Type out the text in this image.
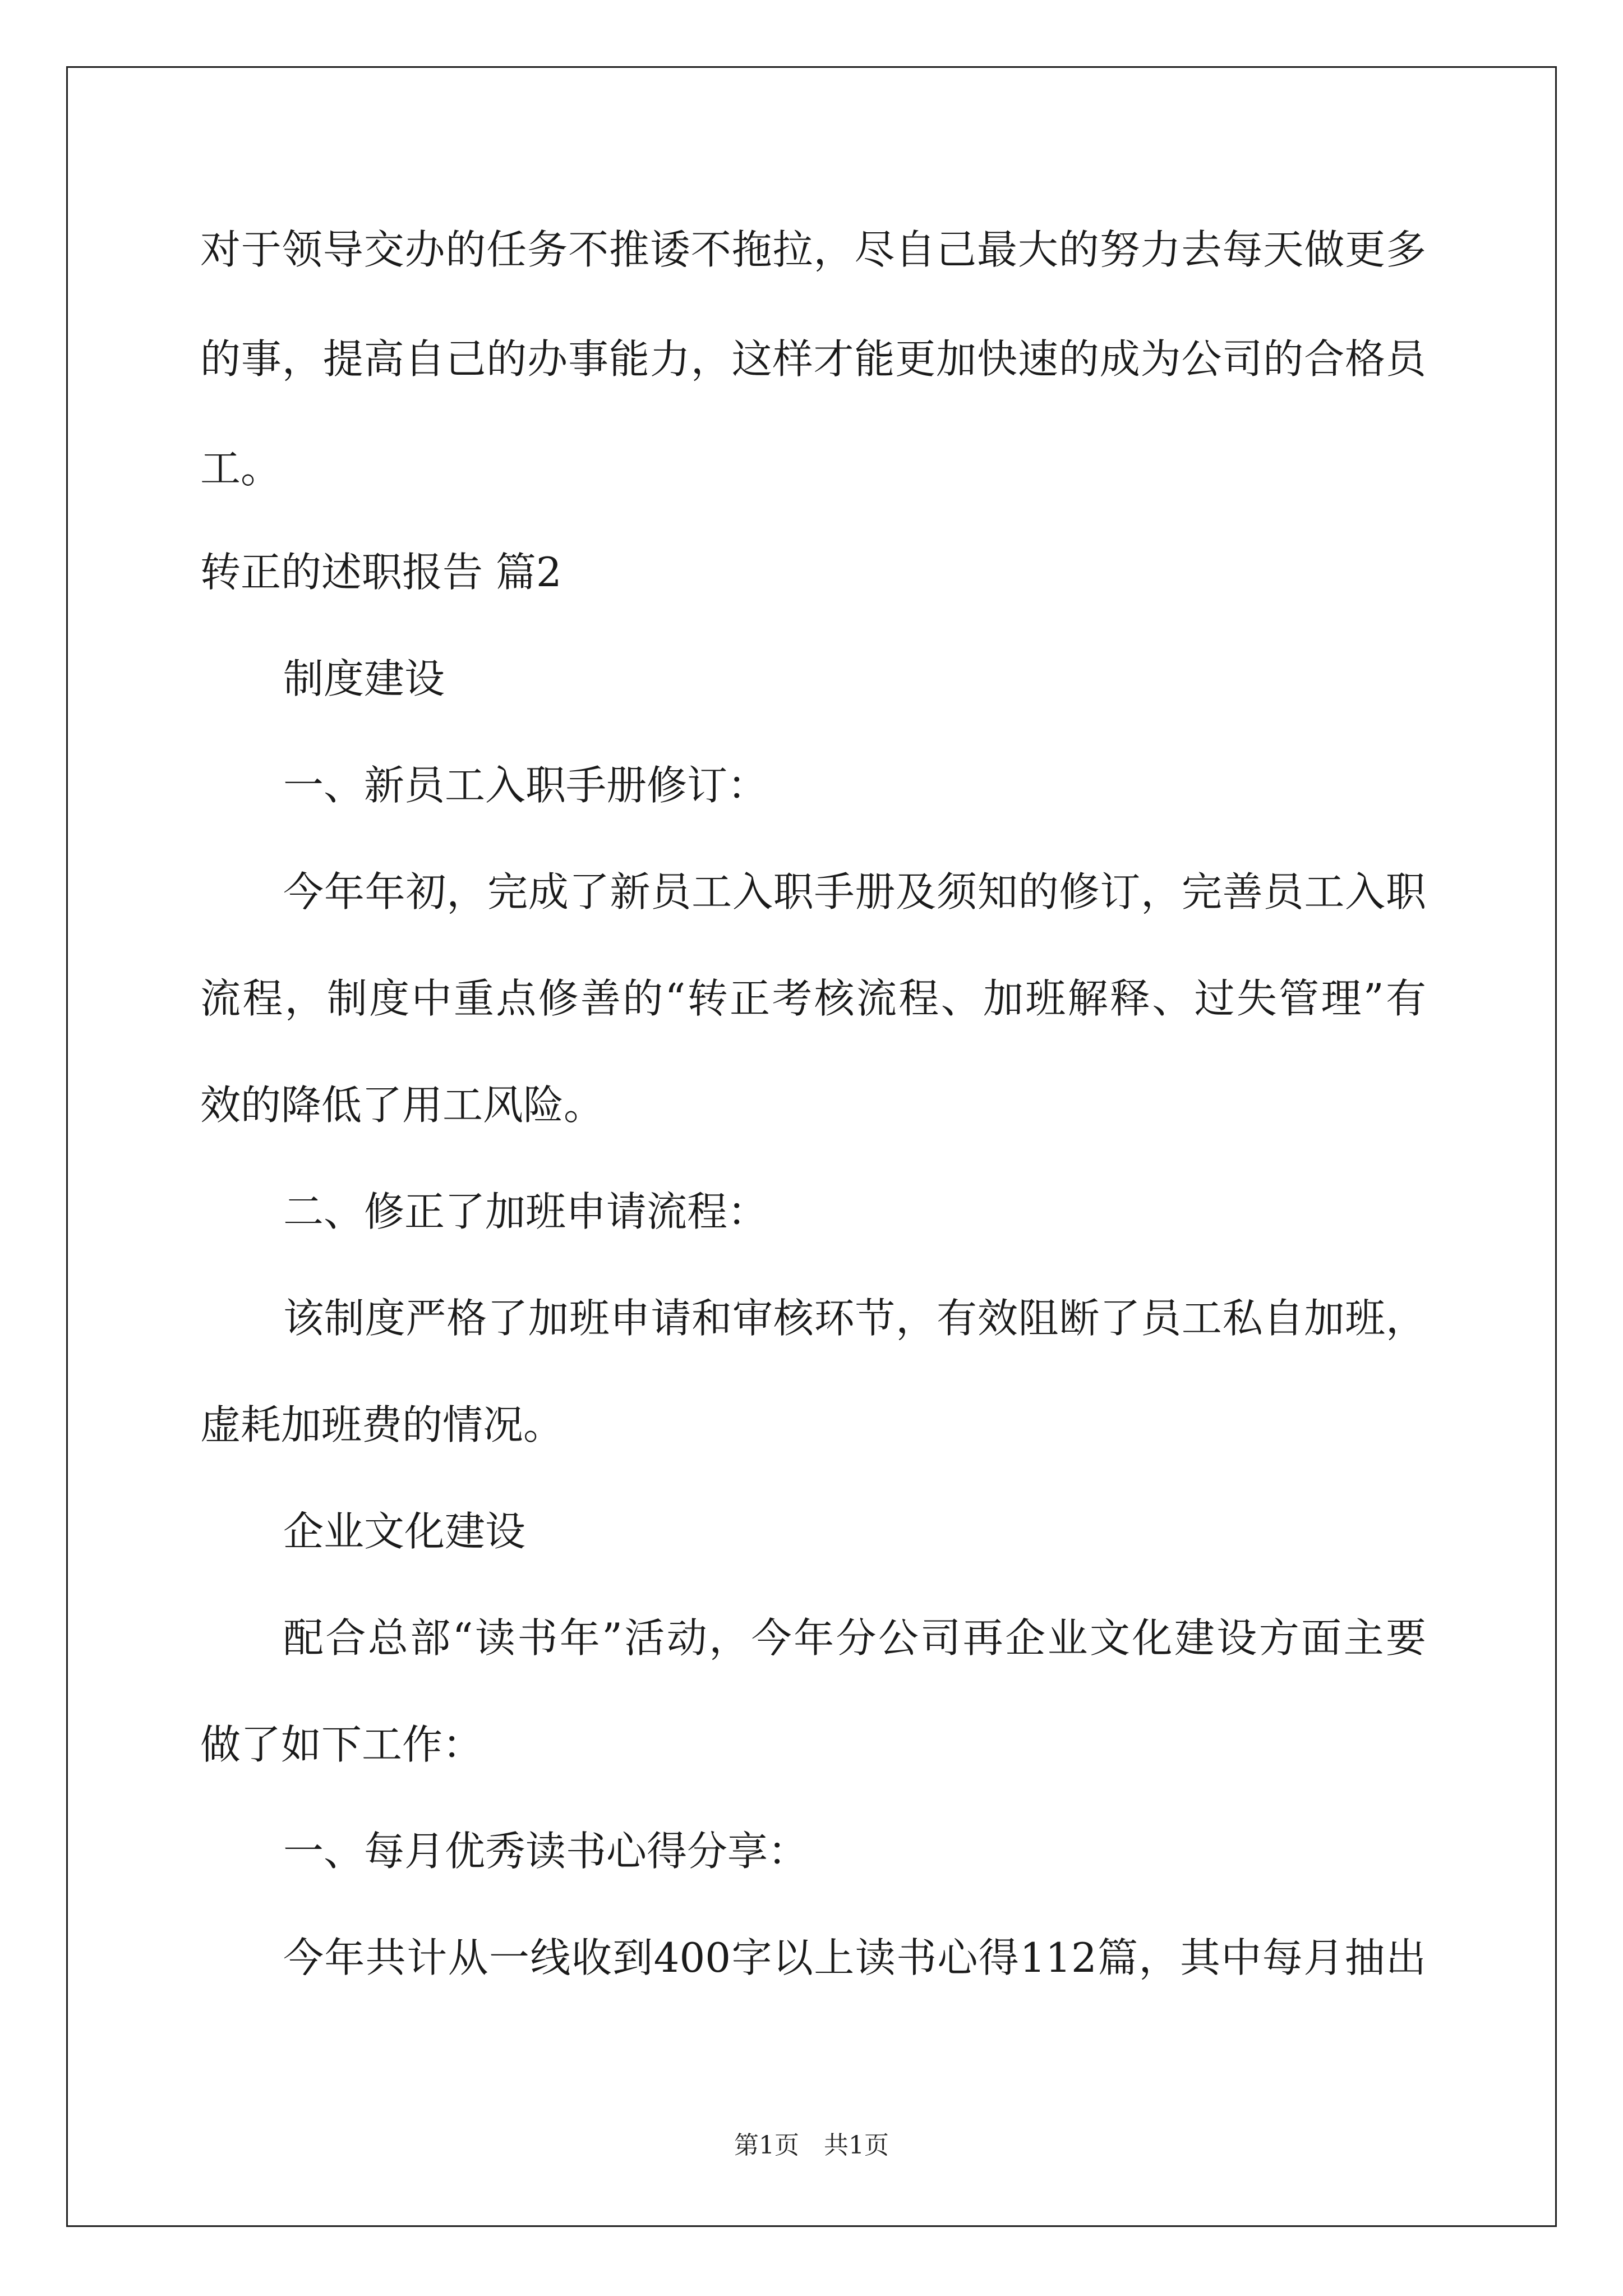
对于领导交办的任务不推诿不拖拉，尽自己最大的努力去每天做更多
的事，提高自己的办事能力，这样才能更加快速的成为公司的合格员
工。
转正的述职报告 篇2
制度建设
一、新员工入职手册修订：
今年年初，完成了新员工入职手册及须知的修订，完善员工入职
流程，制度中重点修善的“转正考核流程、加班解释、过失管理”有
效的降低了用工风险。
二、修正了加班申请流程：
该制度严格了加班申请和审核环节，有效阻断了员工私自加班，
虚耗加班费的情况。
企业文化建设
配合总部“读书年”活动，今年分公司再企业文化建设方面主要
做了如下工作：
一、每月优秀读书心得分享：
今年共计从一线收到400字以上读书心得112篇，其中每月抽出
第1页　共1页
